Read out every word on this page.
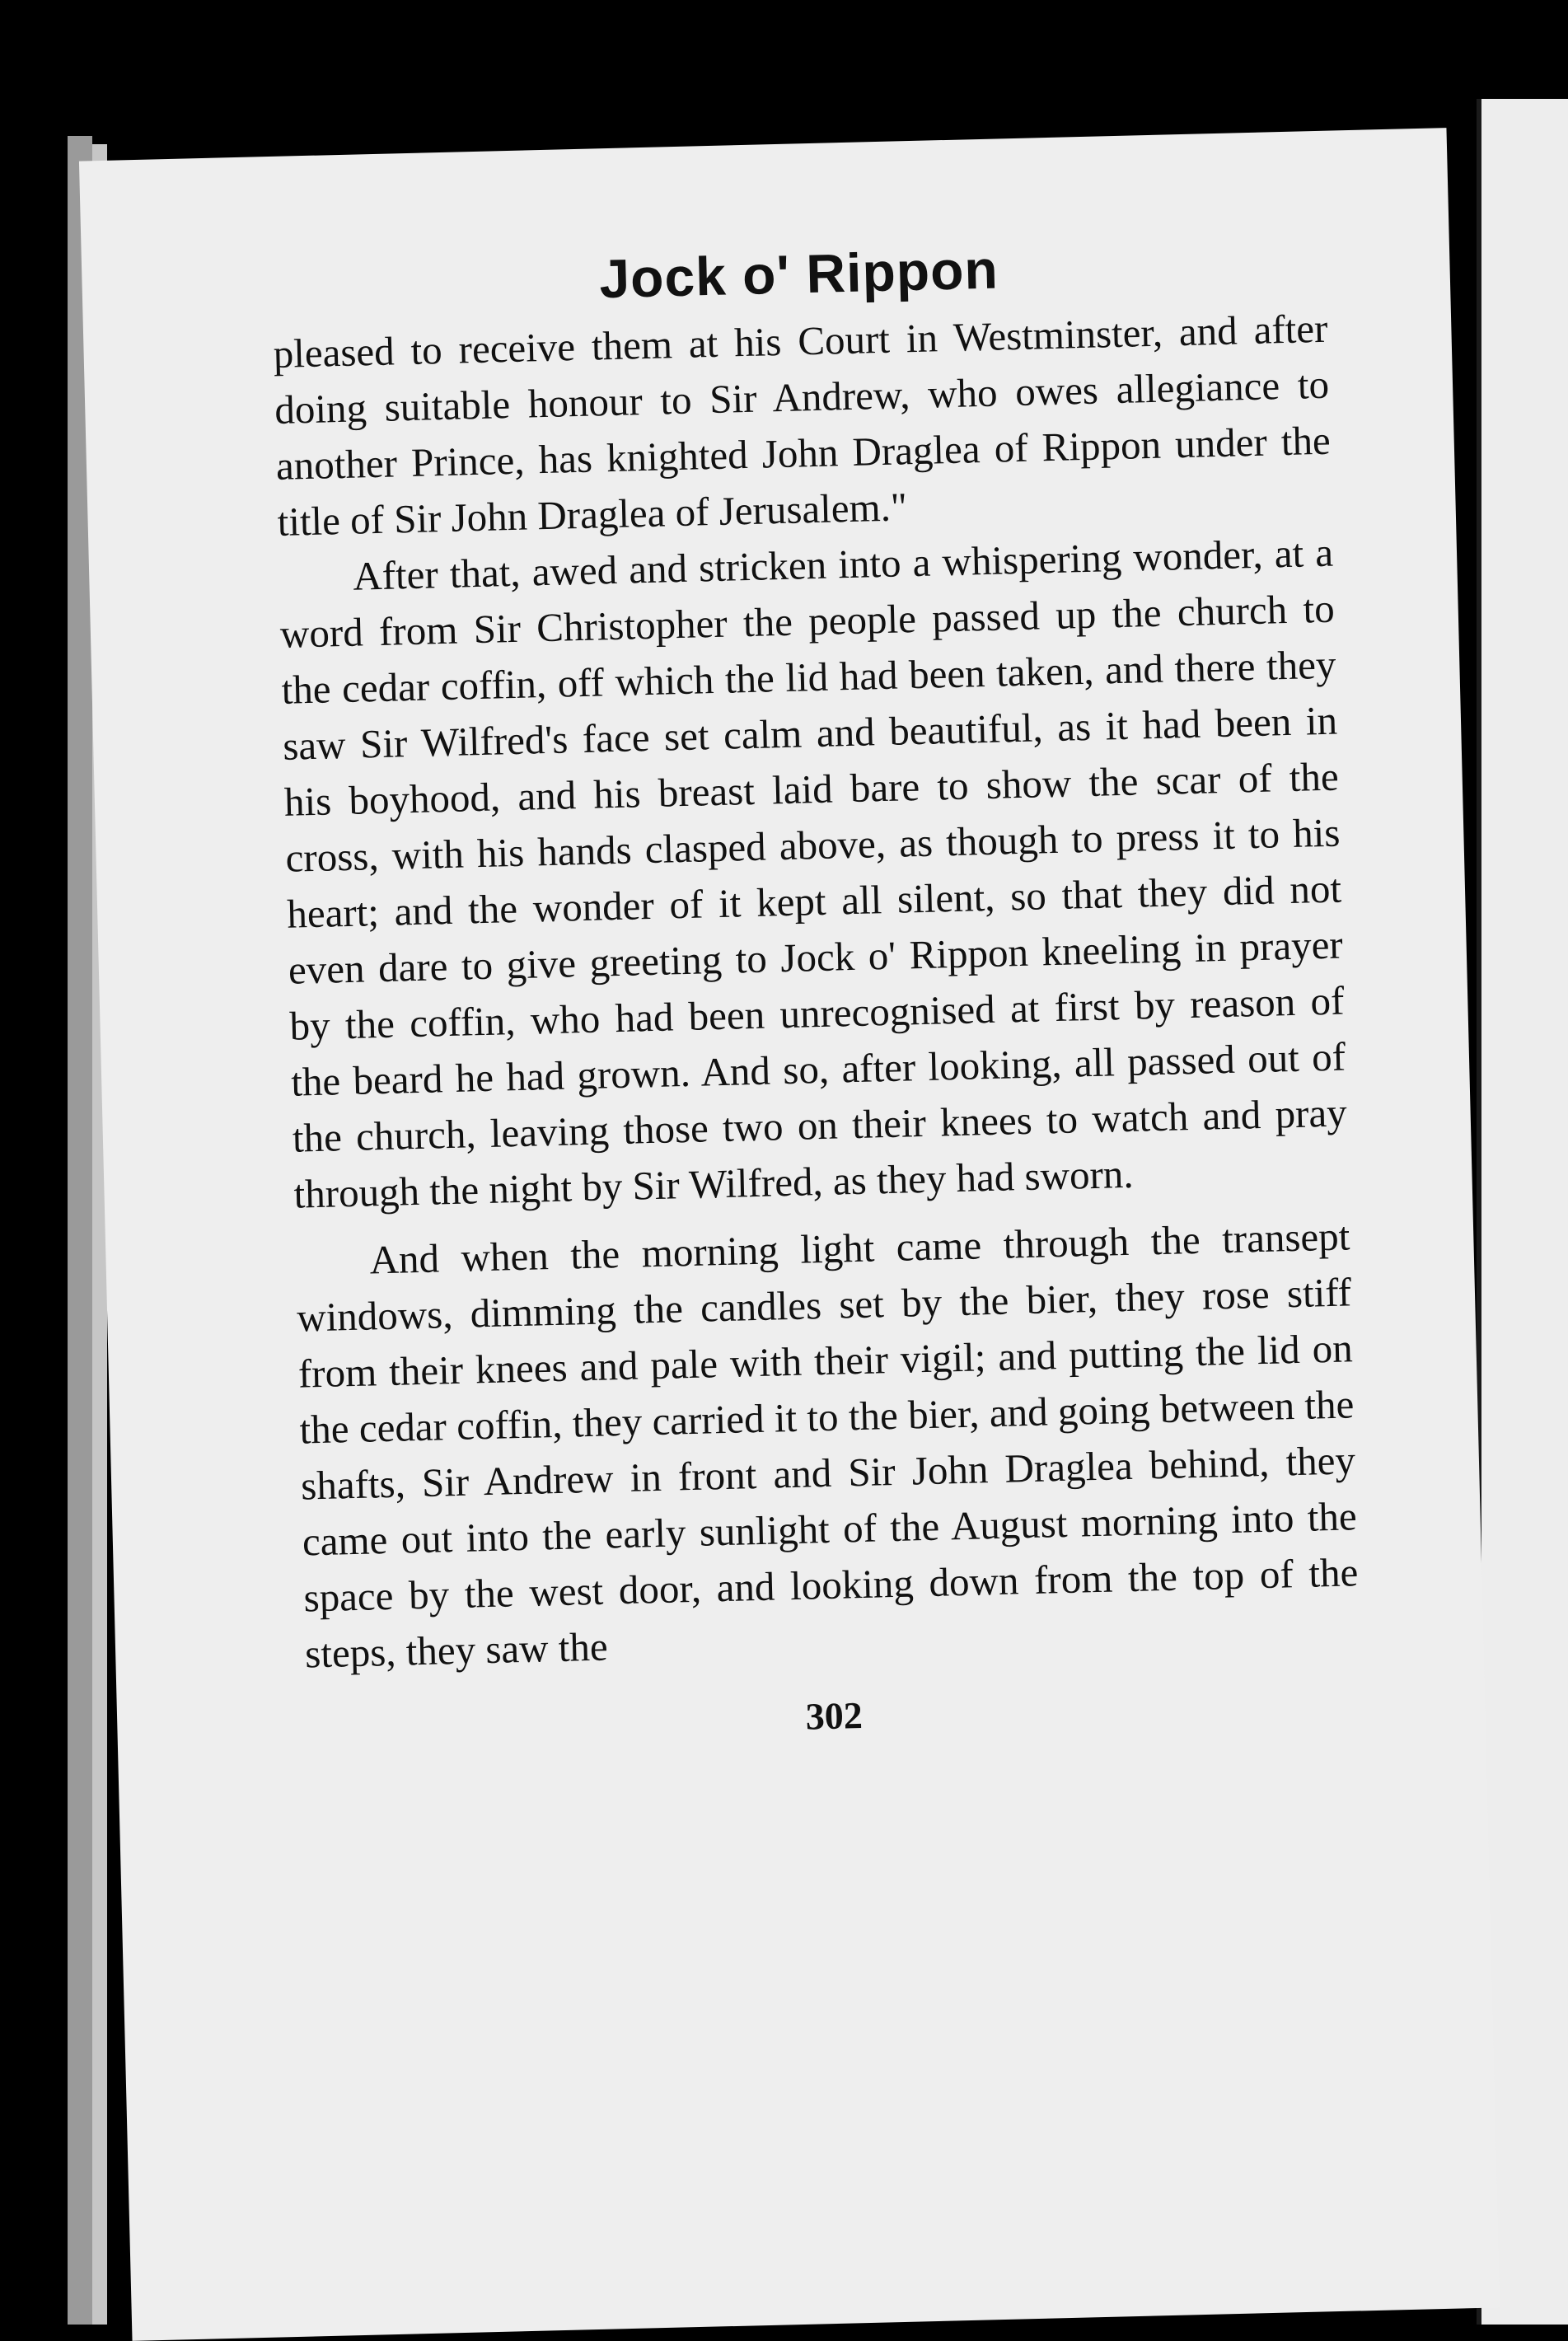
Jock o' Rippon

pleased to receive them at his Court in Westminster, and after doing suitable honour to Sir Andrew, who owes allegiance to another Prince, has knighted John Draglea of Rippon under the title of Sir John Draglea of Jerusalem."

After that, awed and stricken into a whispering wonder, at a word from Sir Christopher the people passed up the church to the cedar coffin, off which the lid had been taken, and there they saw Sir Wilfred's face set calm and beautiful, as it had been in his boyhood, and his breast laid bare to show the scar of the cross, with his hands clasped above, as though to press it to his heart; and the wonder of it kept all silent, so that they did not even dare to give greeting to Jock o' Rippon kneeling in prayer by the coffin, who had been unrecognised at first by reason of the beard he had grown. And so, after looking, all passed out of the church, leaving those two on their knees to watch and pray through the night by Sir Wilfred, as they had sworn.

And when the morning light came through the transept windows, dimming the candles set by the bier, they rose stiff from their knees and pale with their vigil; and putting the lid on the cedar coffin, they carried it to the bier, and going between the shafts, Sir Andrew in front and Sir John Draglea behind, they came out into the early sunlight of the August morning into the space by the west door, and looking down from the top of the steps, they saw the

302
